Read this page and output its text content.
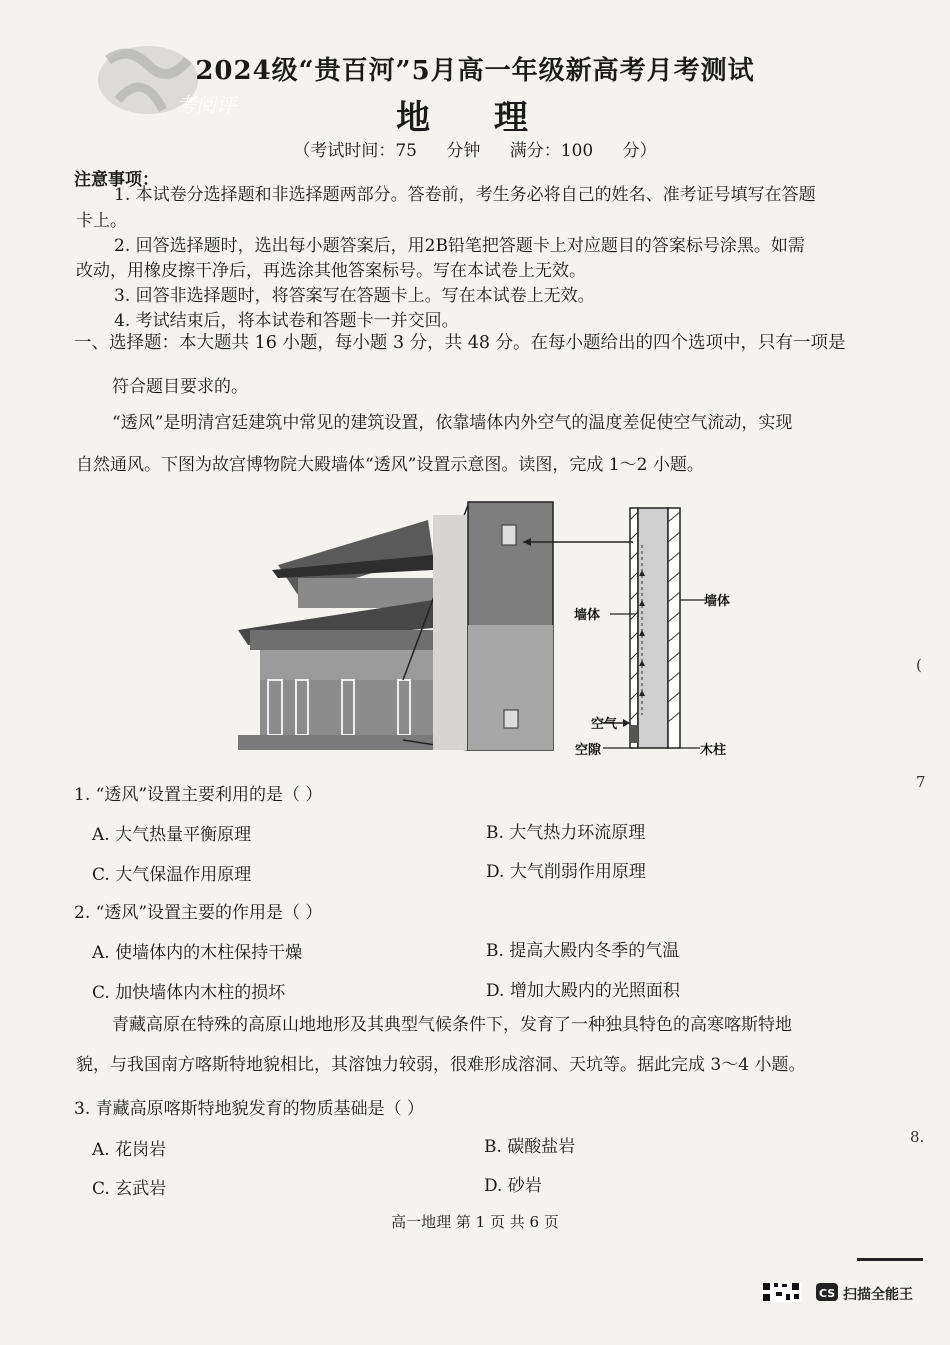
考阅评
2024级“贵百河”5月高一年级新高考月考测试
地 理
（考试时间：75 分钟 满分：100 分）
注意事项：
1. 本试卷分选择题和非选择题两部分。答卷前，考生务必将自己的姓名、准考证号填写在答题
卡上。
2. 回答选择题时，选出每小题答案后，用2B铅笔把答题卡上对应题目的答案标号涂黑。如需
改动，用橡皮擦干净后，再选涂其他答案标号。写在本试卷上无效。
3. 回答非选择题时，将答案写在答题卡上。写在本试卷上无效。
4. 考试结束后，将本试卷和答题卡一并交回。
一、选择题：本大题共 16 小题，每小题 3 分，共 48 分。在每小题给出的四个选项中，只有一项是
符合题目要求的。
“透风”是明清宫廷建筑中常见的建筑设置，依靠墙体内外空气的温度差促使空气流动，实现
自然通风。下图为故宫博物院大殿墙体“透风”设置示意图。读图，完成 1～2 小题。
墙体
墙体
空气
空隙	木柱
1. “透风”设置主要利用的是（ ）
A. 大气热量平衡原理	B. 大气热力环流原理
C. 大气保温作用原理	D. 大气削弱作用原理
2. “透风”设置主要的作用是（ ）
A. 使墙体内的木柱保持干燥	B. 提高大殿内冬季的气温
C. 加快墙体内木柱的损坏	D. 增加大殿内的光照面积
青藏高原在特殊的高原山地地形及其典型气候条件下，发育了一种独具特色的高寒喀斯特地
貌，与我国南方喀斯特地貌相比，其溶蚀力较弱，很难形成溶洞、天坑等。据此完成 3～4 小题。
3. 青藏高原喀斯特地貌发育的物质基础是（ ）
A. 花岗岩	B. 碳酸盐岩
C. 玄武岩	D. 砂岩
高一地理 第 1 页 共 6 页
(
7
8.
CS 扫描全能王
